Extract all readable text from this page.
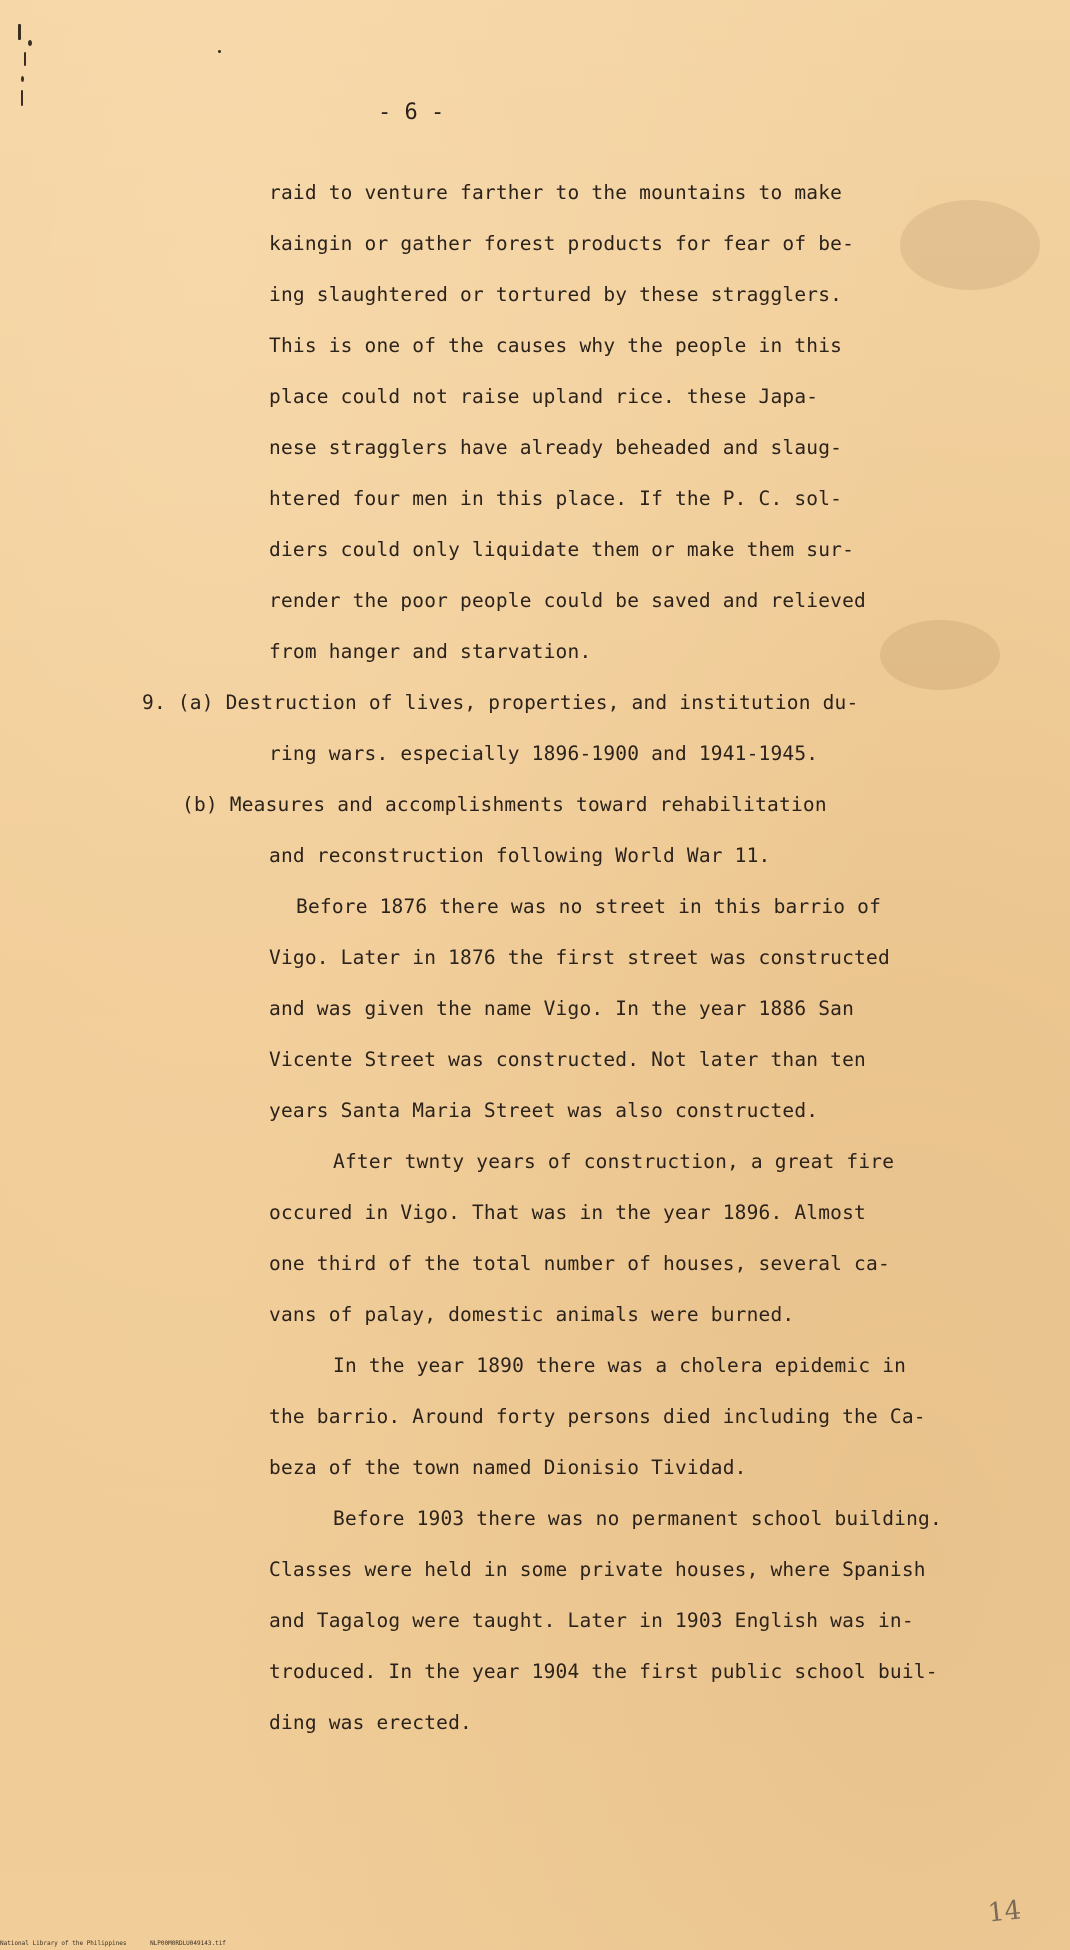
- 6 -
raid to venture farther to the mountains to make
kaingin or gather forest products for fear of be-
ing slaughtered or tortured by these stragglers.
This is one of the causes why the people in this
place could not raise upland rice. these Japa-
nese stragglers have already beheaded and slaug-
htered four men in this place. If the P. C. sol-
diers could only liquidate them or make them sur-
render the poor people could be saved and relieved
from hanger and starvation.
9. (a) Destruction of lives, properties, and institution du-
ring wars. especially 1896-1900 and 1941-1945.
(b) Measures and accomplishments toward rehabilitation
and reconstruction following World War 11.
Before 1876 there was no street in this barrio of
Vigo. Later in 1876 the first street was constructed
and was given the name Vigo. In the year 1886 San
Vicente Street was constructed. Not later than ten
years Santa Maria Street was also constructed.
After twnty years of construction, a great fire
occured in Vigo. That was in the year 1896. Almost
one third of the total number of houses, several ca-
vans of palay, domestic animals were burned.
In the year 1890 there was a cholera epidemic in
the barrio. Around forty persons died including the Ca-
beza of the town named Dionisio Tividad.
Before 1903 there was no permanent school building.
Classes were held in some private houses, where Spanish
and Tagalog were taught. Later in 1903 English was in-
troduced. In the year 1904 the first public school buil-
ding was erected.
14
National Library of the Philippines	NLP00M0RDLU049143.tif
